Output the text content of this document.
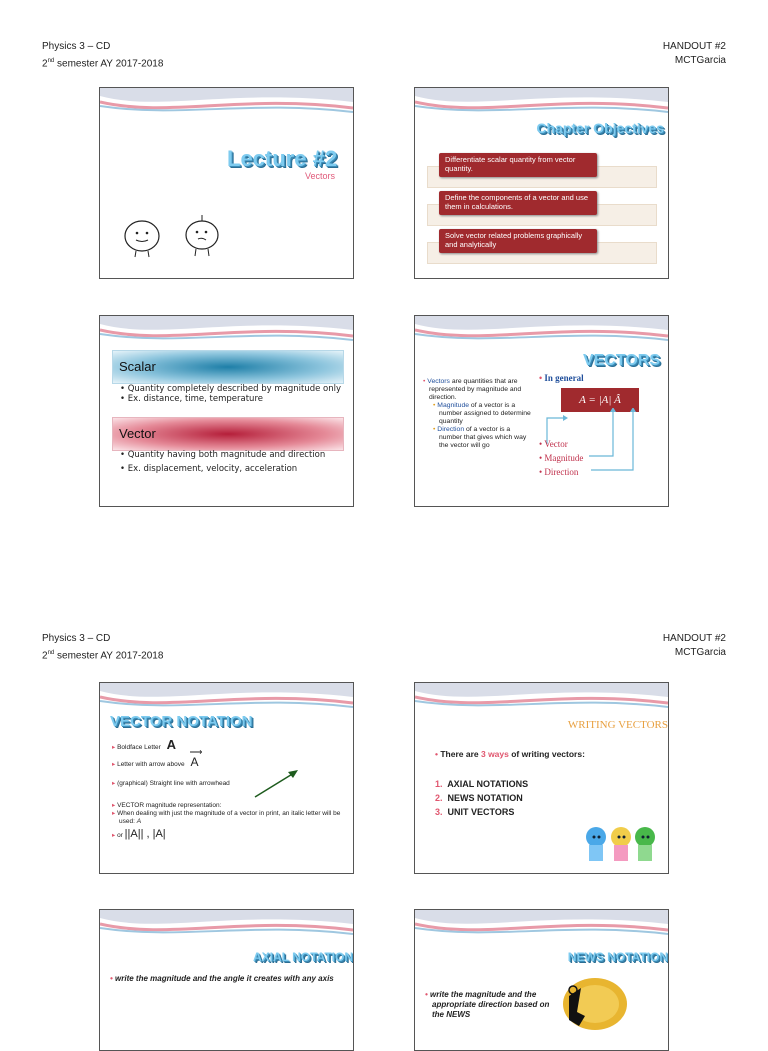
Physics 3 – CD
2nd semester AY 2017-2018
HANDOUT #2
MCTGarcia
Lecture #2
Vectors
Chapter Objectives
Differentiate scalar quantity from vector quantity.
Define the components of a vector and use them in calculations.
Solve vector related problems graphically and analytically
Scalar
• Quantity completely described by magnitude only
• Ex. distance, time, temperature
Vector
• Quantity having both magnitude and direction
• Ex. displacement, velocity, acceleration
VECTORS
• In general
A = |A| Â
• Vector
• Magnitude
• Direction
• Vectors are quantities that are represented by magnitude and direction.
• Magnitude of a vector is a number assigned to determine quantity
• Direction of a vector is a number that gives which way the vector will go
Physics 3 – CD
2nd semester AY 2017-2018
HANDOUT #2
MCTGarcia
VECTOR NOTATION
▸ Boldface Letter A
▸ Letter with arrow above
⟶
A
▸ (graphical) Straight line with arrowhead
▸ VECTOR magnitude representation:
▸ When dealing with just the magnitude of a vector in print, an italic letter will be used: A
▸ or ||A|| , |A|
WRITING VECTORS
• There are 3 ways of writing vectors:
1. AXIAL NOTATIONS
2. NEWS NOTATION
3. UNIT VECTORS
AXIAL NOTATION
• write the magnitude and the angle it creates with any axis
NEWS NOTATION
• write the magnitude and the appropriate direction based on the NEWS
